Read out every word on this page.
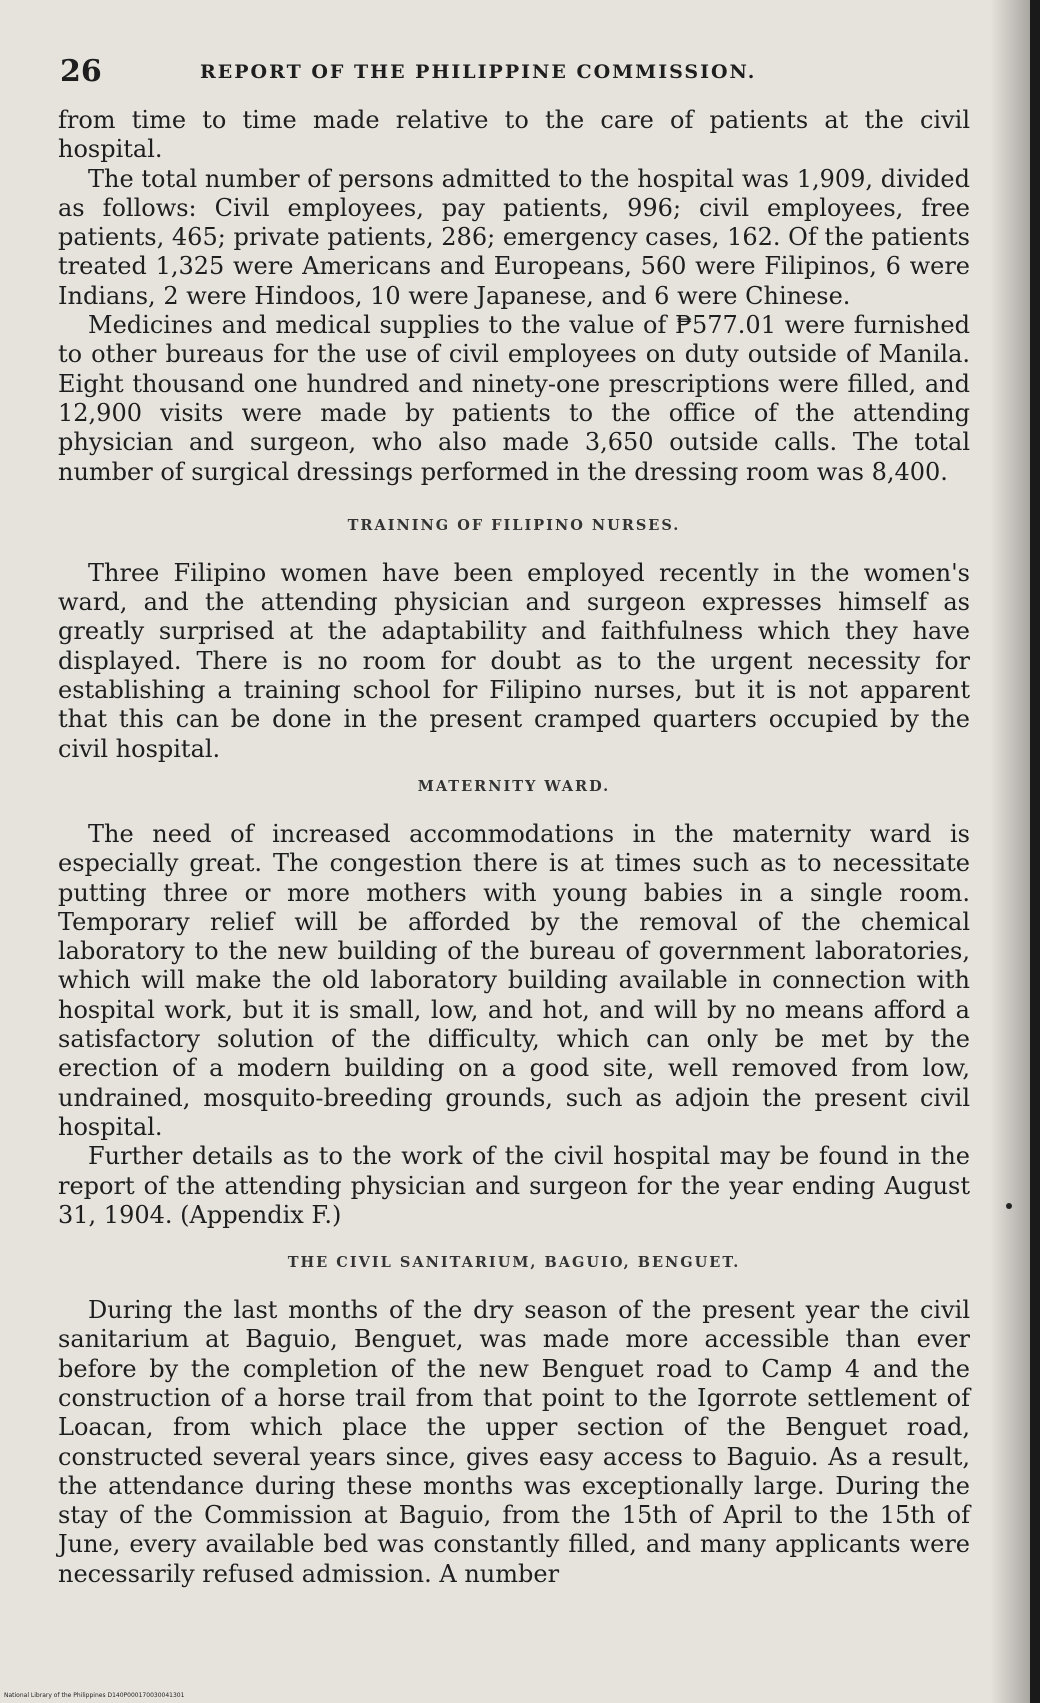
26	REPORT OF THE PHILIPPINE COMMISSION.

from time to time made relative to the care of patients at the civil hospital.

The total number of persons admitted to the hospital was 1,909, divided as follows: Civil employees, pay patients, 996; civil employees, free patients, 465; private patients, 286; emergency cases, 162. Of the patients treated 1,325 were Americans and Europeans, 560 were Filipinos, 6 were Indians, 2 were Hindoos, 10 were Japanese, and 6 were Chinese.

Medicines and medical supplies to the value of ₱577.01 were furnished to other bureaus for the use of civil employees on duty outside of Manila. Eight thousand one hundred and ninety-one prescriptions were filled, and 12,900 visits were made by patients to the office of the attending physician and surgeon, who also made 3,650 outside calls. The total number of surgical dressings performed in the dressing room was 8,400.

TRAINING OF FILIPINO NURSES.

Three Filipino women have been employed recently in the women's ward, and the attending physician and surgeon expresses himself as greatly surprised at the adaptability and faithfulness which they have displayed. There is no room for doubt as to the urgent necessity for establishing a training school for Filipino nurses, but it is not apparent that this can be done in the present cramped quarters occupied by the civil hospital.

MATERNITY WARD.

The need of increased accommodations in the maternity ward is especially great. The congestion there is at times such as to necessitate putting three or more mothers with young babies in a single room. Temporary relief will be afforded by the removal of the chemical laboratory to the new building of the bureau of government laboratories, which will make the old laboratory building available in connection with hospital work, but it is small, low, and hot, and will by no means afford a satisfactory solution of the difficulty, which can only be met by the erection of a modern building on a good site, well removed from low, undrained, mosquito-breeding grounds, such as adjoin the present civil hospital.

Further details as to the work of the civil hospital may be found in the report of the attending physician and surgeon for the year ending August 31, 1904. (Appendix F.)

THE CIVIL SANITARIUM, BAGUIO, BENGUET.

During the last months of the dry season of the present year the civil sanitarium at Baguio, Benguet, was made more accessible than ever before by the completion of the new Benguet road to Camp 4 and the construction of a horse trail from that point to the Igorrote settlement of Loacan, from which place the upper section of the Benguet road, constructed several years since, gives easy access to Baguio. As a result, the attendance during these months was exceptionally large. During the stay of the Commission at Baguio, from the 15th of April to the 15th of June, every available bed was constantly filled, and many applicants were necessarily refused admission. A number

National Library of the Philippines D140P000170030041301
